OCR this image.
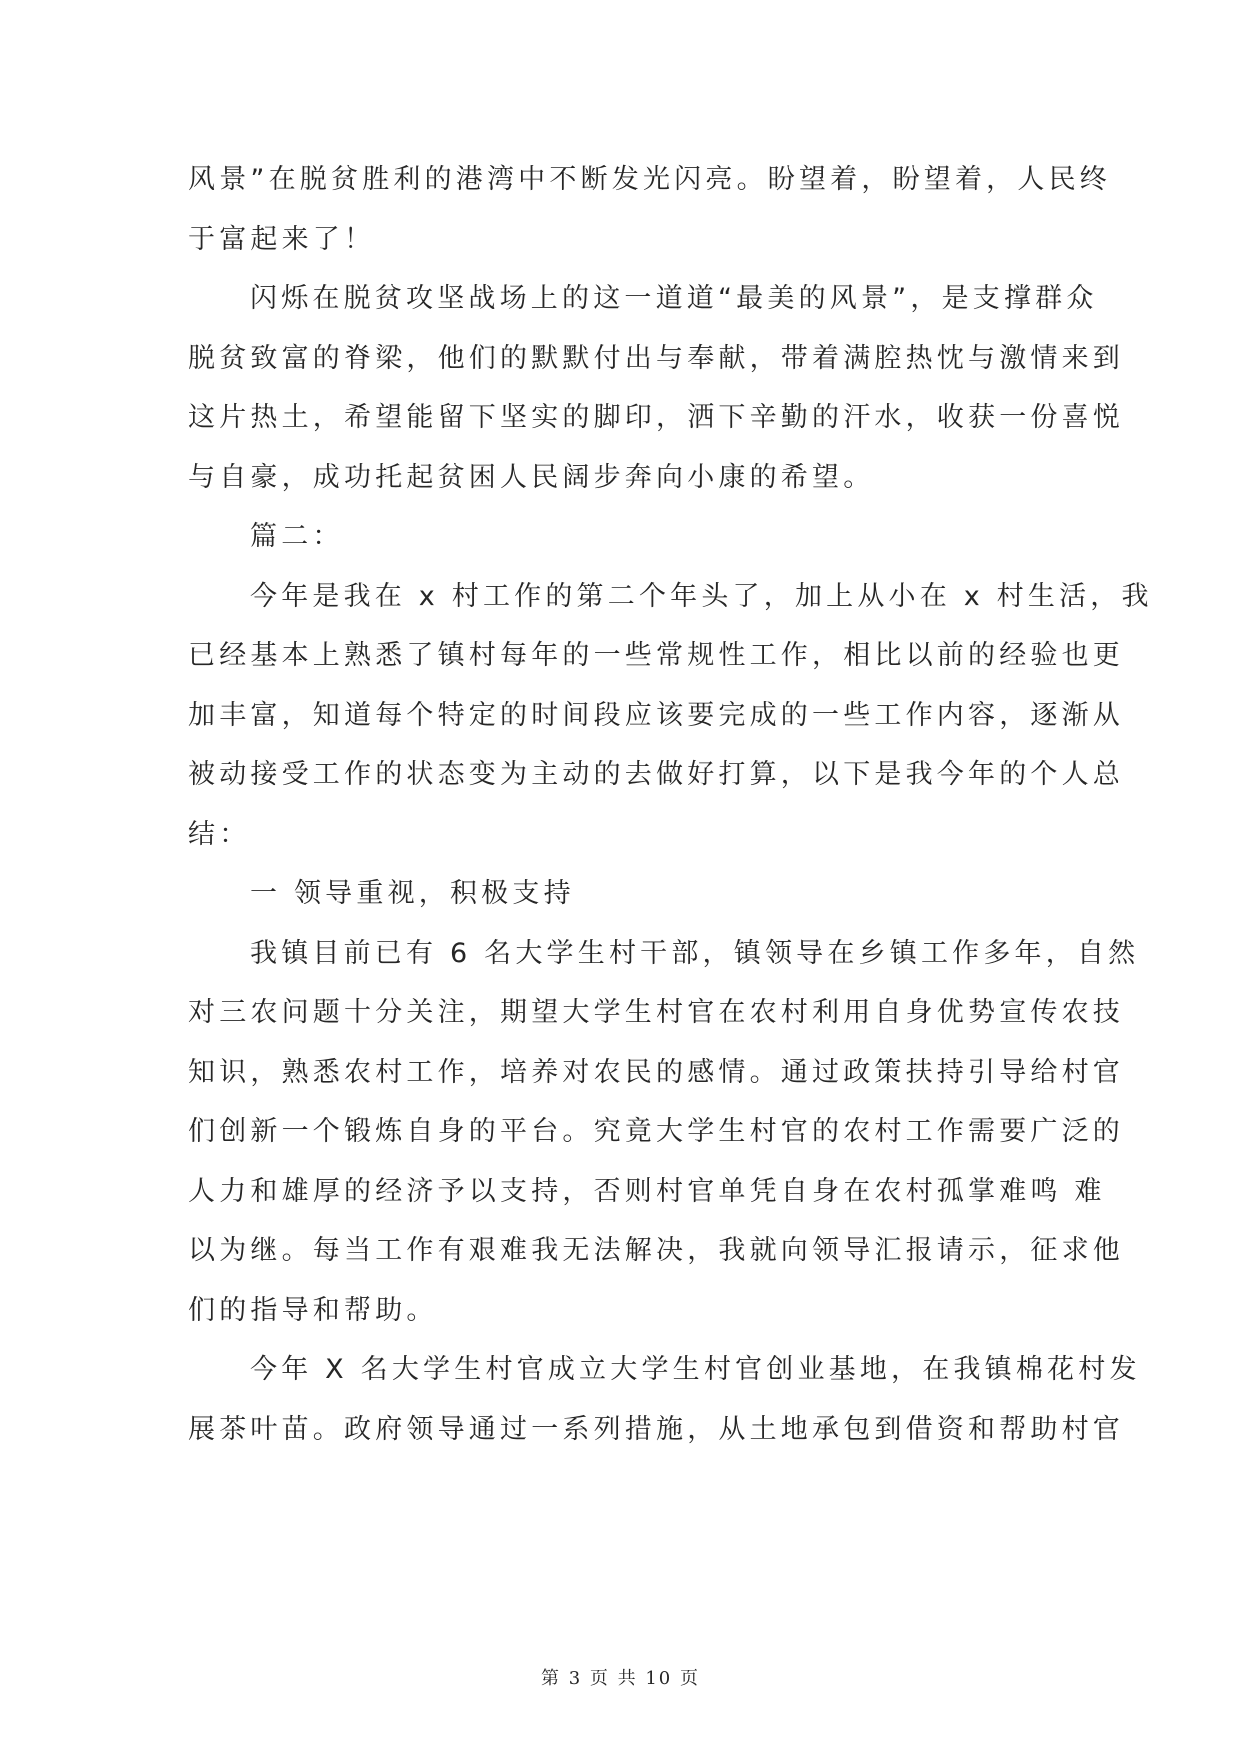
风景”在脱贫胜利的港湾中不断发光闪亮。盼望着，盼望着，人民终
于富起来了！
闪烁在脱贫攻坚战场上的这一道道“最美的风景”，是支撑群众
脱贫致富的脊梁，他们的默默付出与奉献，带着满腔热忱与激情来到
这片热土，希望能留下坚实的脚印，洒下辛勤的汗水，收获一份喜悦
与自豪，成功托起贫困人民阔步奔向小康的希望。
篇二：
今年是我在 x 村工作的第二个年头了，加上从小在 x 村生活，我
已经基本上熟悉了镇村每年的一些常规性工作，相比以前的经验也更
加丰富，知道每个特定的时间段应该要完成的一些工作内容，逐渐从
被动接受工作的状态变为主动的去做好打算，以下是我今年的个人总
结：
一 领导重视，积极支持
我镇目前已有 6 名大学生村干部，镇领导在乡镇工作多年，自然
对三农问题十分关注，期望大学生村官在农村利用自身优势宣传农技
知识，熟悉农村工作，培养对农民的感情。通过政策扶持引导给村官
们创新一个锻炼自身的平台。究竟大学生村官的农村工作需要广泛的
人力和雄厚的经济予以支持，否则村官单凭自身在农村孤掌难鸣 难
以为继。每当工作有艰难我无法解决，我就向领导汇报请示，征求他
们的指导和帮助。
今年 X 名大学生村官成立大学生村官创业基地，在我镇棉花村发
展茶叶苗。政府领导通过一系列措施，从土地承包到借资和帮助村官
第 3 页 共 10 页
